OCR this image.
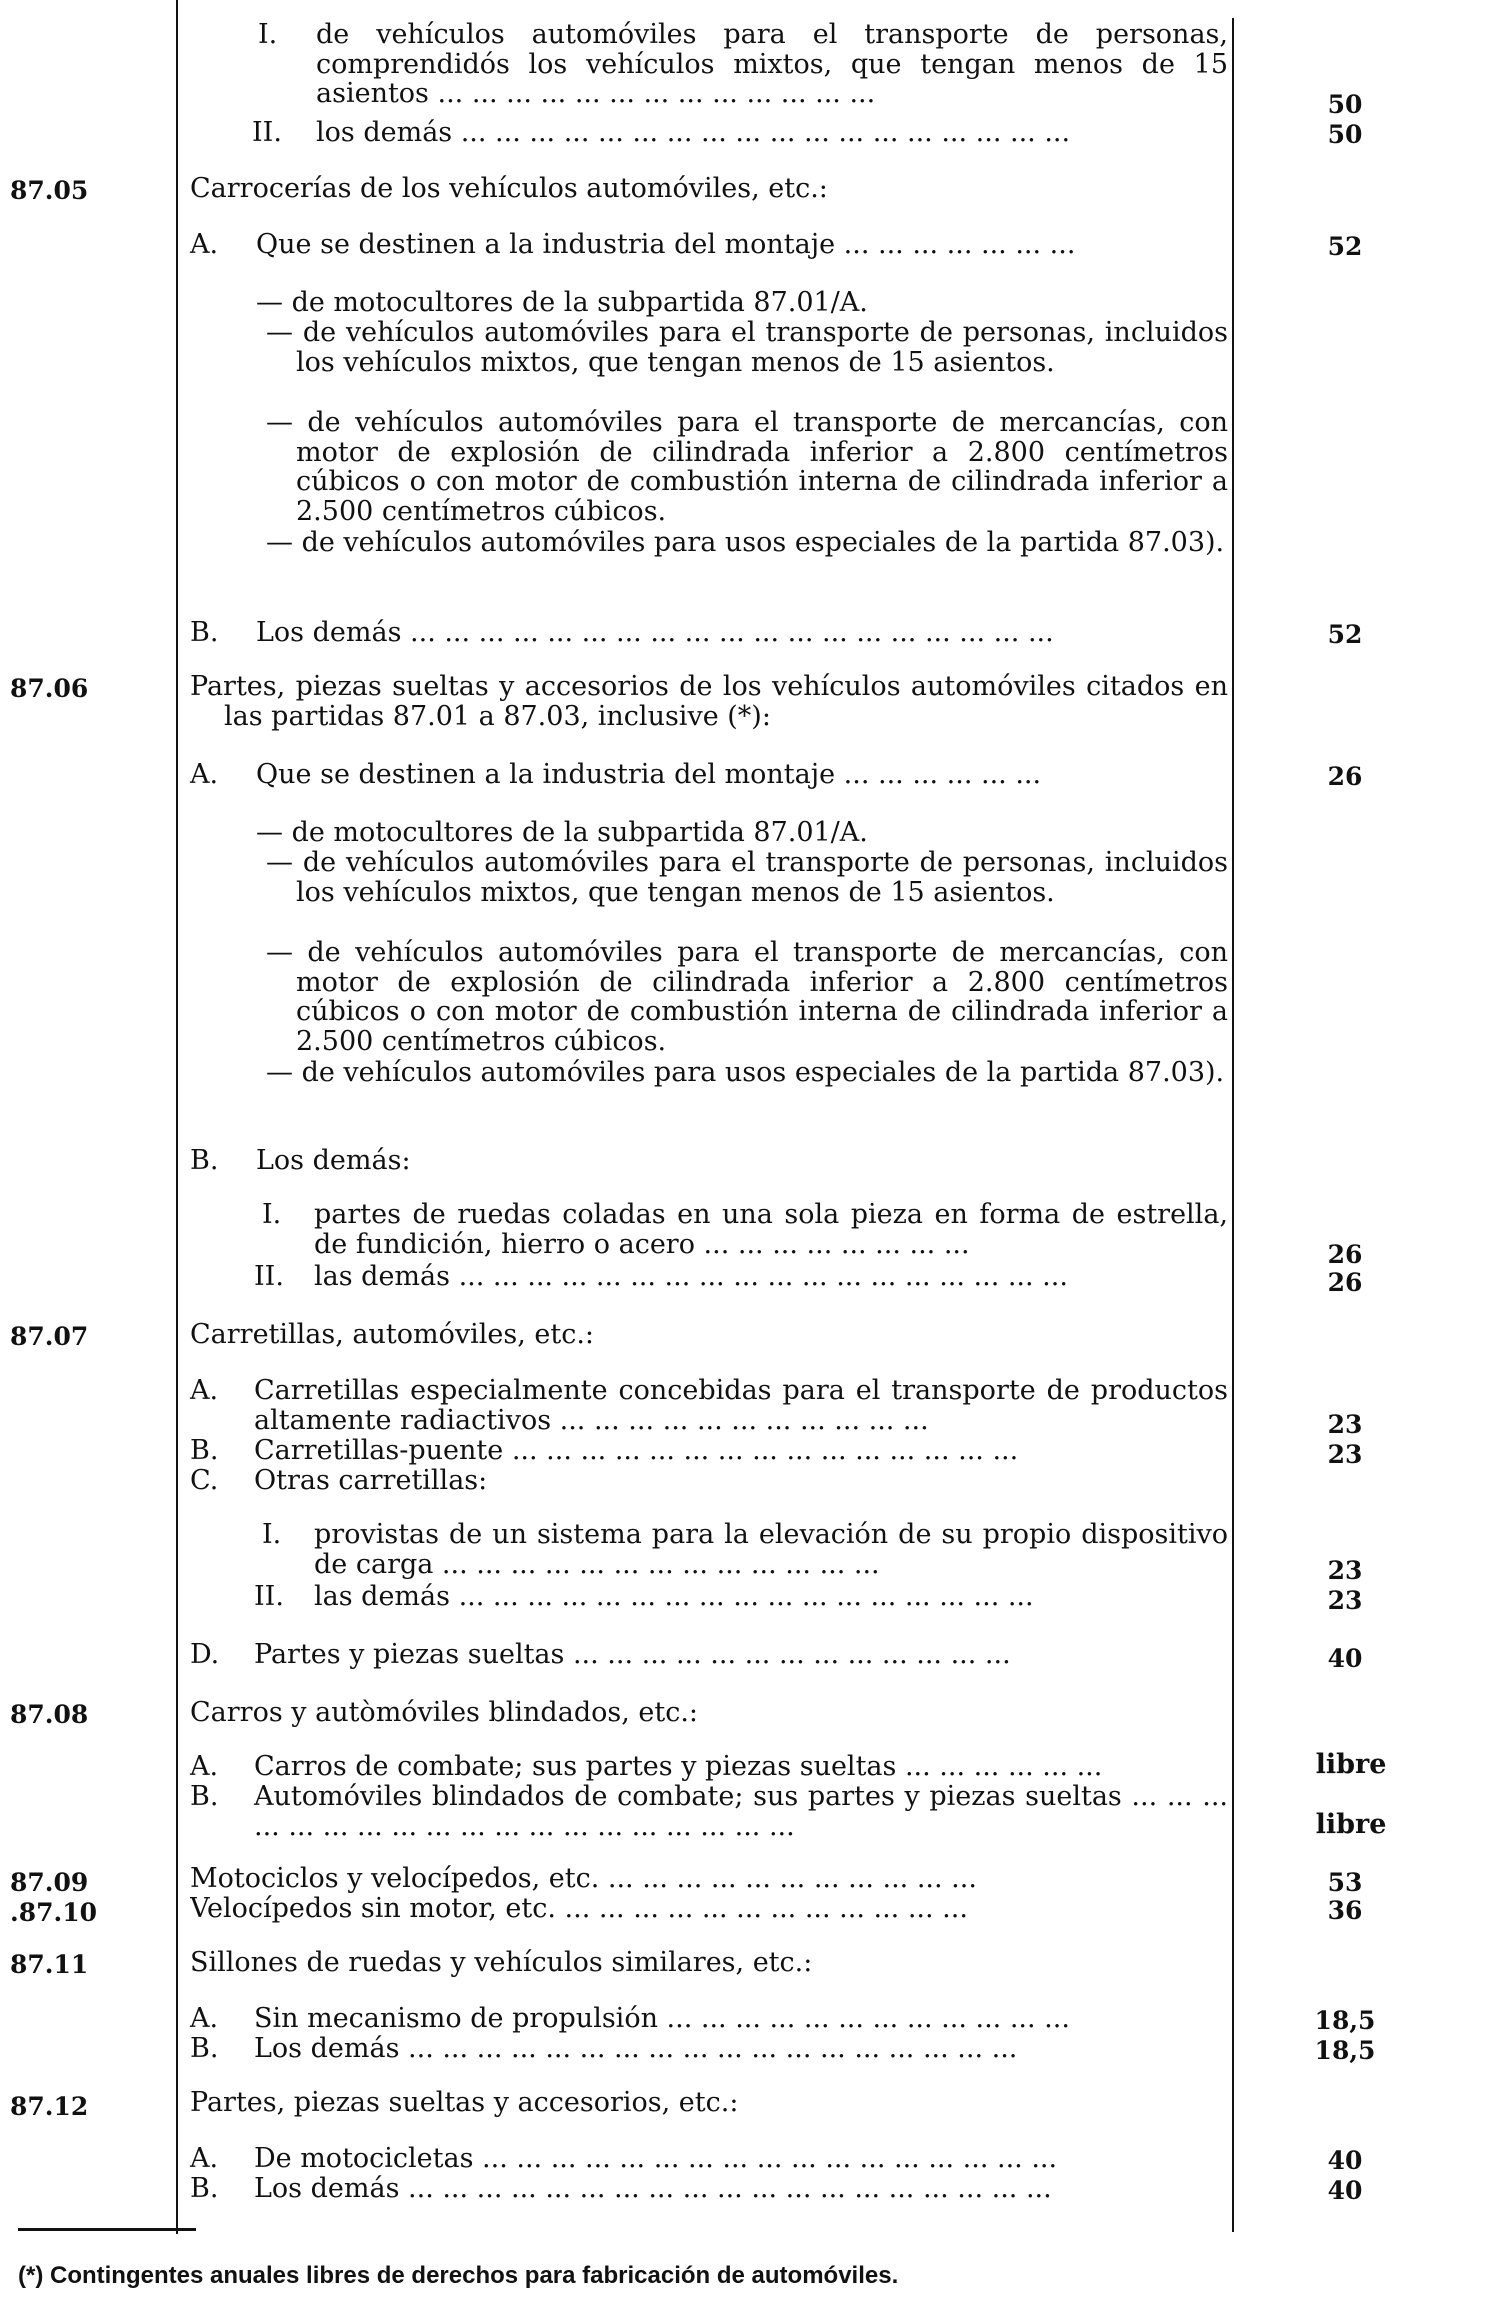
I. de vehículos automóviles para el transporte de personas, comprendidós los vehículos mixtos, que tengan menos de 15 asientos ... ... ... ... ... ... ... ... ... ... ... ... ...	50
II. los demás ... ... ... ... ... ... ... ... ... ... ... ... ... ... ... ... ... ...	50
87.05	Carrocerías de los vehículos automóviles, etc.:
A. Que se destinen a la industria del montaje ... ... ... ... ... ... ...	52
— de motocultores de la subpartida 87.01/A.
— de vehículos automóviles para el transporte de personas, incluidos los vehículos mixtos, que tengan menos de 15 asientos.
— de vehículos automóviles para el transporte de mercancías, con motor de explosión de cilindrada inferior a 2.800 centímetros cúbicos o con motor de combustión interna de cilindrada inferior a 2.500 centímetros cúbicos.
— de vehículos automóviles para usos especiales de la partida 87.03).
B. Los demás ... ... ... ... ... ... ... ... ... ... ... ... ... ... ... ... ... ... ...	52
87.06	Partes, piezas sueltas y accesorios de los vehículos automóviles citados en las partidas 87.01 a 87.03, inclusive (*):
A. Que se destinen a la industria del montaje ... ... ... ... ... ...	26
— de motocultores de la subpartida 87.01/A.
— de vehículos automóviles para el transporte de personas, incluidos los vehículos mixtos, que tengan menos de 15 asientos.
— de vehículos automóviles para el transporte de mercancías, con motor de explosión de cilindrada inferior a 2.800 centímetros cúbicos o con motor de combustión interna de cilindrada inferior a 2.500 centímetros cúbicos.
— de vehículos automóviles para usos especiales de la partida 87.03).
B. Los demás:
I. partes de ruedas coladas en una sola pieza en forma de estrella, de fundición, hierro o acero ... ... ... ... ... ... ... ...	26
II. las demás ... ... ... ... ... ... ... ... ... ... ... ... ... ... ... ... ... ...	26
87.07	Carretillas, automóviles, etc.:
A. Carretillas especialmente concebidas para el transporte de productos altamente radiactivos ... ... ... ... ... ... ... ... ... ... ...	23
B. Carretillas-puente ... ... ... ... ... ... ... ... ... ... ... ... ... ... ...	23
C. Otras carretillas:
I. provistas de un sistema para la elevación de su propio dispositivo de carga ... ... ... ... ... ... ... ... ... ... ... ... ...	23
II. las demás ... ... ... ... ... ... ... ... ... ... ... ... ... ... ... ... ...	23
D. Partes y piezas sueltas ... ... ... ... ... ... ... ... ... ... ... ... ...	40
87.08	Carros y autòmóviles blindados, etc.:
A. Carros de combate; sus partes y piezas sueltas ... ... ... ... ... ...	libre
B. Automóviles blindados de combate; sus partes y piezas sueltas ... ... ... ... ... ... ... ... ... ... ... ... ... ... ... ... ... ... ...	libre
87.09	Motociclos y velocípedos, etc. ... ... ... ... ... ... ... ... ... ... ...	53
.87.10	Velocípedos sin motor, etc. ... ... ... ... ... ... ... ... ... ... ... ...	36
87.11	Sillones de ruedas y vehículos similares, etc.:
A. Sin mecanismo de propulsión ... ... ... ... ... ... ... ... ... ... ... ...	18,5
B. Los demás ... ... ... ... ... ... ... ... ... ... ... ... ... ... ... ... ... ...	18,5
87.12	Partes, piezas sueltas y accesorios, etc.:
A. De motocicletas ... ... ... ... ... ... ... ... ... ... ... ... ... ... ... ... ...	40
B. Los demás ... ... ... ... ... ... ... ... ... ... ... ... ... ... ... ... ... ... ...	40
(*) Contingentes anuales libres de derechos para fabricación de automóviles.
